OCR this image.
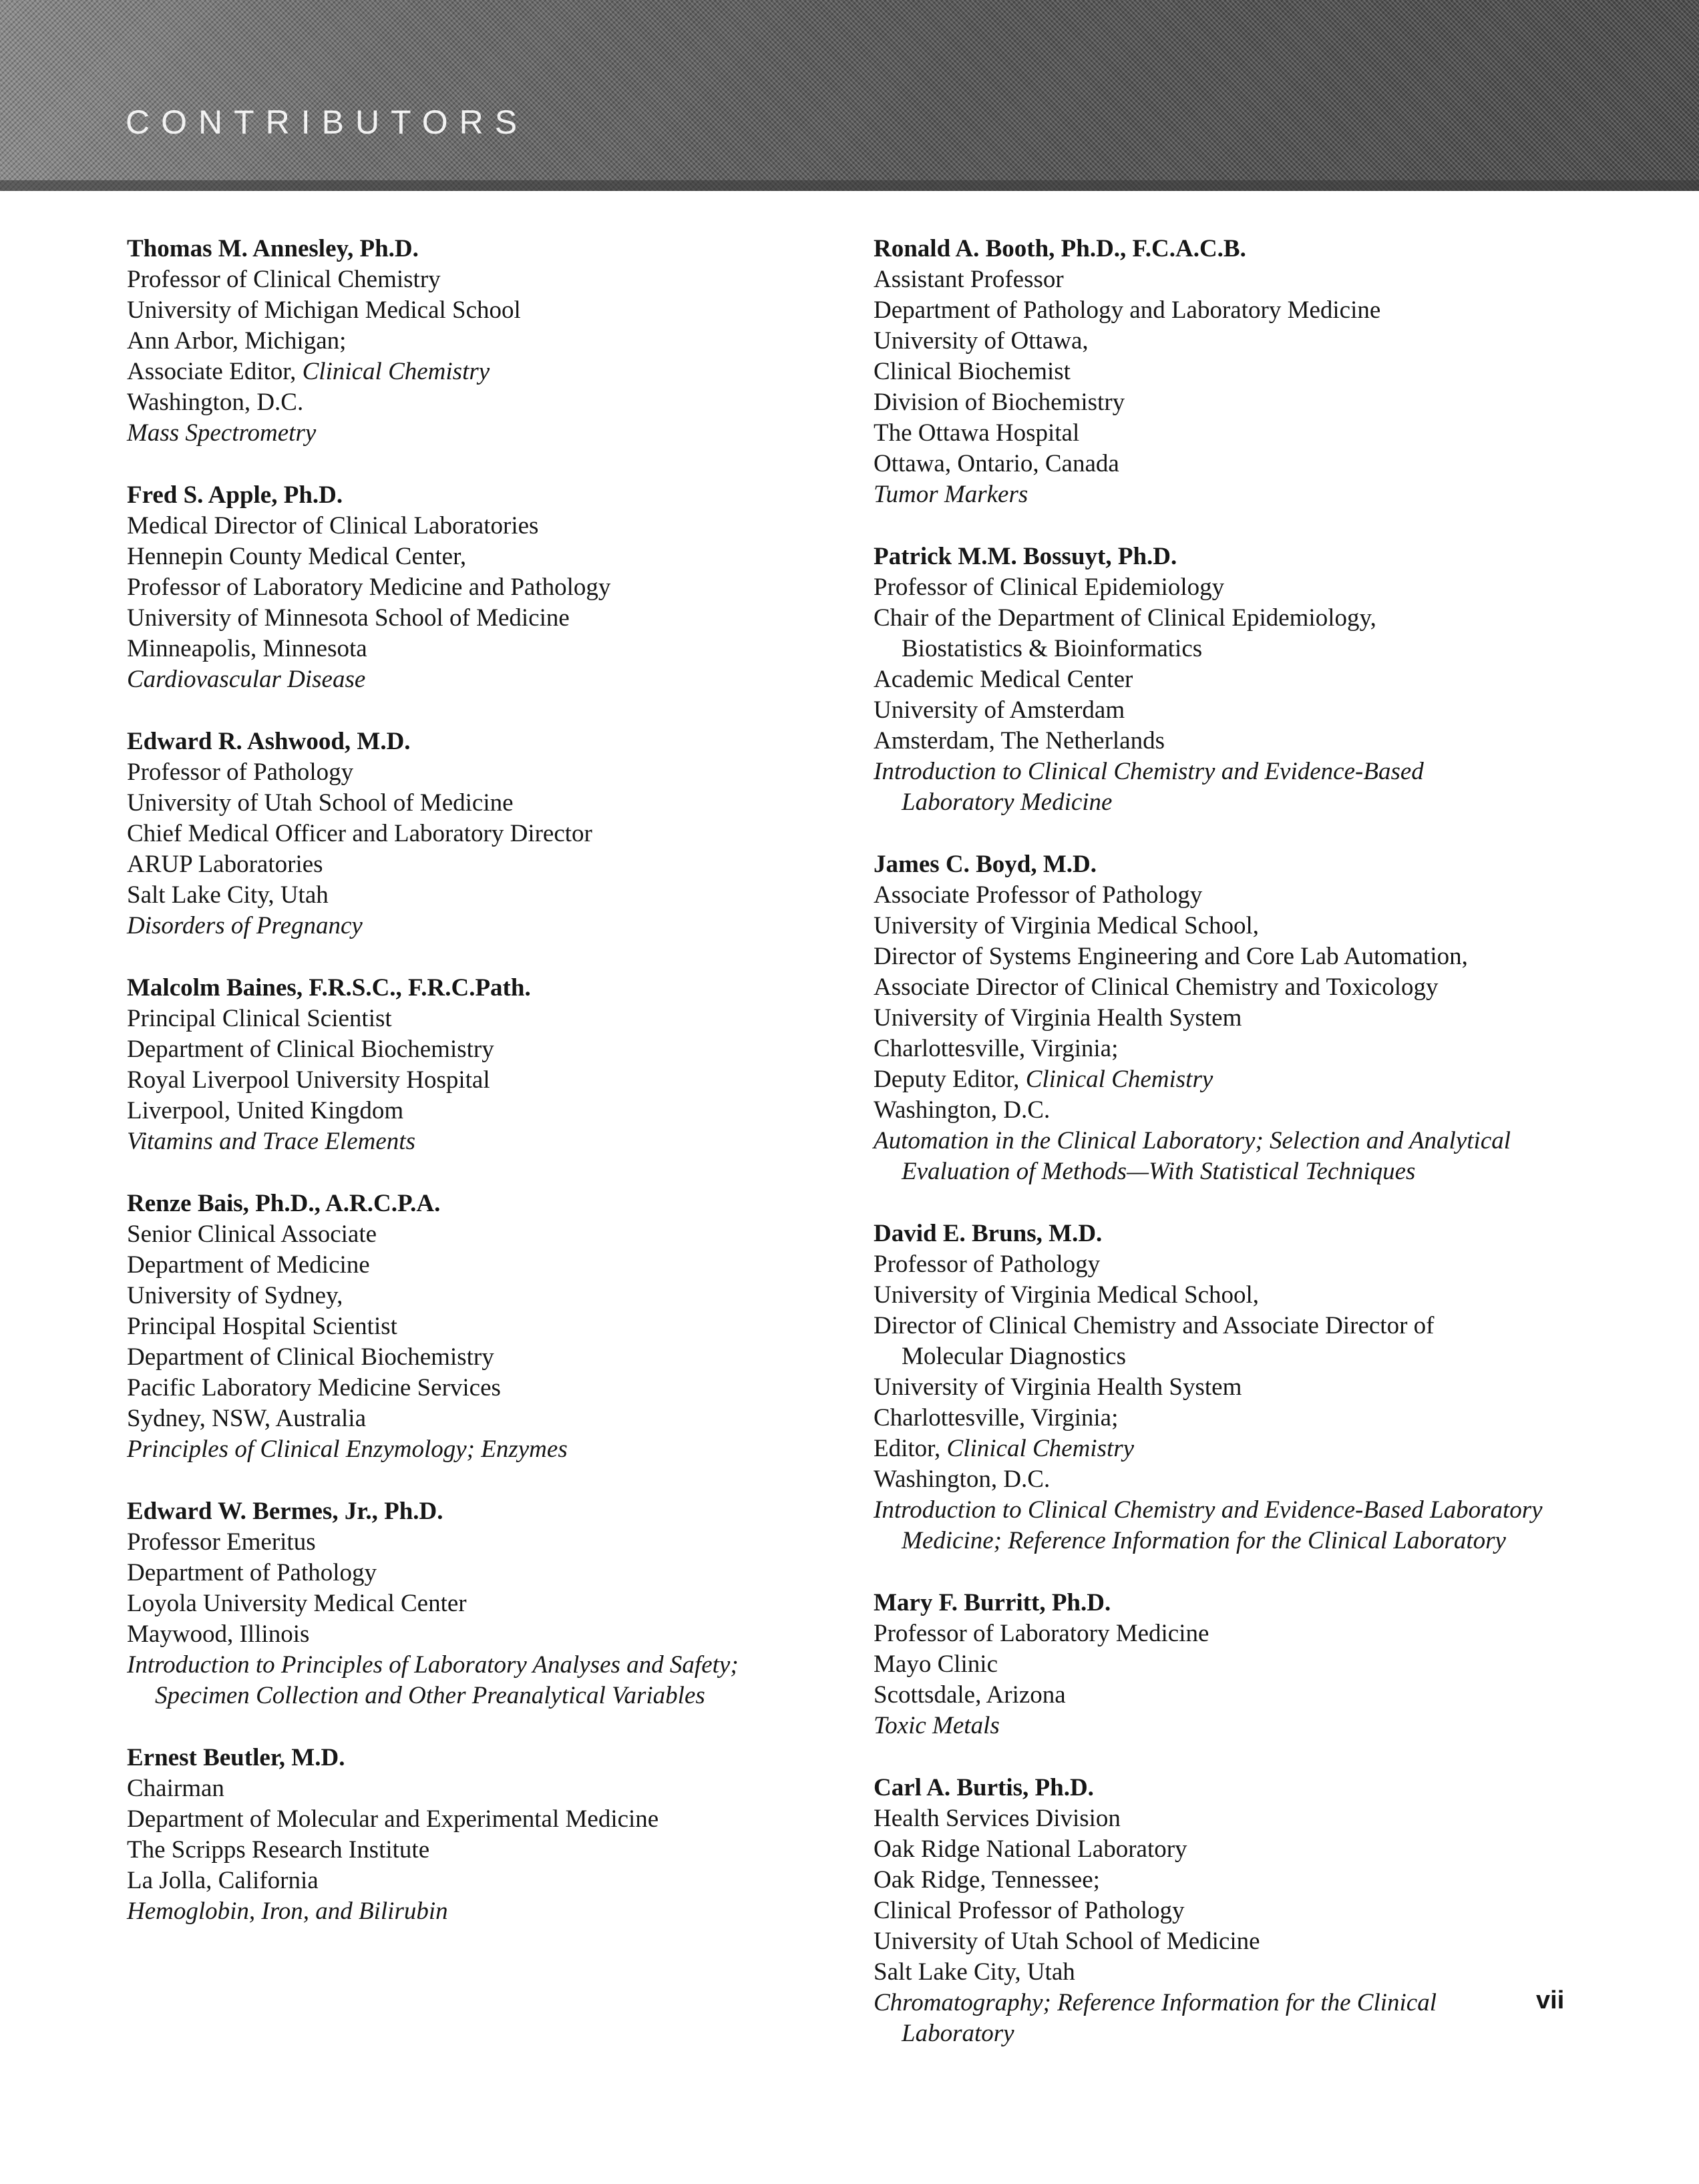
CONTRIBUTORS
Thomas M. Annesley, Ph.D.
Professor of Clinical Chemistry
University of Michigan Medical School
Ann Arbor, Michigan;
Associate Editor, Clinical Chemistry
Washington, D.C.
Mass Spectrometry
Fred S. Apple, Ph.D.
Medical Director of Clinical Laboratories
Hennepin County Medical Center,
Professor of Laboratory Medicine and Pathology
University of Minnesota School of Medicine
Minneapolis, Minnesota
Cardiovascular Disease
Edward R. Ashwood, M.D.
Professor of Pathology
University of Utah School of Medicine
Chief Medical Officer and Laboratory Director
ARUP Laboratories
Salt Lake City, Utah
Disorders of Pregnancy
Malcolm Baines, F.R.S.C., F.R.C.Path.
Principal Clinical Scientist
Department of Clinical Biochemistry
Royal Liverpool University Hospital
Liverpool, United Kingdom
Vitamins and Trace Elements
Renze Bais, Ph.D., A.R.C.P.A.
Senior Clinical Associate
Department of Medicine
University of Sydney,
Principal Hospital Scientist
Department of Clinical Biochemistry
Pacific Laboratory Medicine Services
Sydney, NSW, Australia
Principles of Clinical Enzymology; Enzymes
Edward W. Bermes, Jr., Ph.D.
Professor Emeritus
Department of Pathology
Loyola University Medical Center
Maywood, Illinois
Introduction to Principles of Laboratory Analyses and Safety;
Specimen Collection and Other Preanalytical Variables
Ernest Beutler, M.D.
Chairman
Department of Molecular and Experimental Medicine
The Scripps Research Institute
La Jolla, California
Hemoglobin, Iron, and Bilirubin
Ronald A. Booth, Ph.D., F.C.A.C.B.
Assistant Professor
Department of Pathology and Laboratory Medicine
University of Ottawa,
Clinical Biochemist
Division of Biochemistry
The Ottawa Hospital
Ottawa, Ontario, Canada
Tumor Markers
Patrick M.M. Bossuyt, Ph.D.
Professor of Clinical Epidemiology
Chair of the Department of Clinical Epidemiology,
Biostatistics & Bioinformatics
Academic Medical Center
University of Amsterdam
Amsterdam, The Netherlands
Introduction to Clinical Chemistry and Evidence-Based
Laboratory Medicine
James C. Boyd, M.D.
Associate Professor of Pathology
University of Virginia Medical School,
Director of Systems Engineering and Core Lab Automation,
Associate Director of Clinical Chemistry and Toxicology
University of Virginia Health System
Charlottesville, Virginia;
Deputy Editor, Clinical Chemistry
Washington, D.C.
Automation in the Clinical Laboratory; Selection and Analytical
Evaluation of Methods—With Statistical Techniques
David E. Bruns, M.D.
Professor of Pathology
University of Virginia Medical School,
Director of Clinical Chemistry and Associate Director of
Molecular Diagnostics
University of Virginia Health System
Charlottesville, Virginia;
Editor, Clinical Chemistry
Washington, D.C.
Introduction to Clinical Chemistry and Evidence-Based Laboratory
Medicine; Reference Information for the Clinical Laboratory
Mary F. Burritt, Ph.D.
Professor of Laboratory Medicine
Mayo Clinic
Scottsdale, Arizona
Toxic Metals
Carl A. Burtis, Ph.D.
Health Services Division
Oak Ridge National Laboratory
Oak Ridge, Tennessee;
Clinical Professor of Pathology
University of Utah School of Medicine
Salt Lake City, Utah
Chromatography; Reference Information for the Clinical
Laboratory
vii
